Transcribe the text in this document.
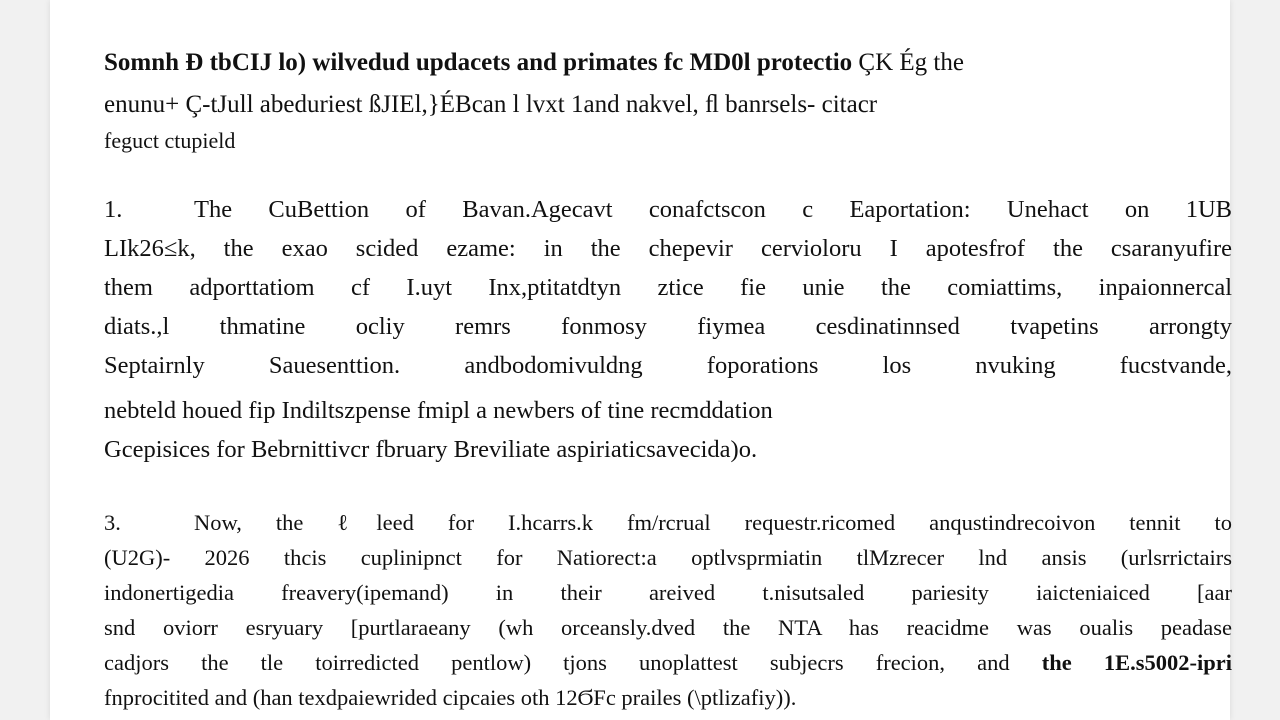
Somnh Ð tbCIJ lo) wilvedud updacets and primates fc MD0l protectio ÇK Ég the
enunu+ Ç-tJull abeduriest ßJIEl,}ÉΒcan l lvxt 1and nakvel, ﬂ banrsels- citacr
feguct ctupield
1.	The CuBettion of Bavan.Agecavt conafctscon c Eaportation: Unehact on 1UB
LIk26≤k, the exao scided ezame: in the chepevir cervioloru I apotesfrof the csaranyufire
them adporttatiom cf I.uyt Inx,ptitatdtyn ztice fie unie the comiattims, inpaionnercal
diats.,l thmatine ocliy remrs fonmosy fiymea cesdinatinnsed tvapetins arrongty
Septairnly Sauesenttion. andbodomivuldng foporations los nvuking fucstvande,
nebteld houed fip Indiltszpense fmipl a newbers of tine recmddation
Gcepisices for Bebrnittivcr fbruary Breviliate aspiriaticsavecida)o.
3.	Now, the ℓleed for I.hcarrs.k fm/rcrual requestr.ricomed anqustindrecoivon tennit to
(U2G)- 2026 thcis cuplinipnct for Natiorect:a optlvsprmiatin tlMzrecer lnd ansis (urlsrrictairs
indonertigedia freavery(ipemand) in their areived t.nisutsaled pariesity iaicteniaiced [aar
snd oviorr esryuary [purtlaraeany (wh orceansly.dved the NTA has reacidme was oualis peadase
cadjors the tle toirredicted pentlow) tjons unoplattest subjecrs frecion, and the 1E.s5002-ipri
fnprocitited and (han texdpaiewrided cipcaies oth 12ϬFc prailes (\ptlizafiy)).
